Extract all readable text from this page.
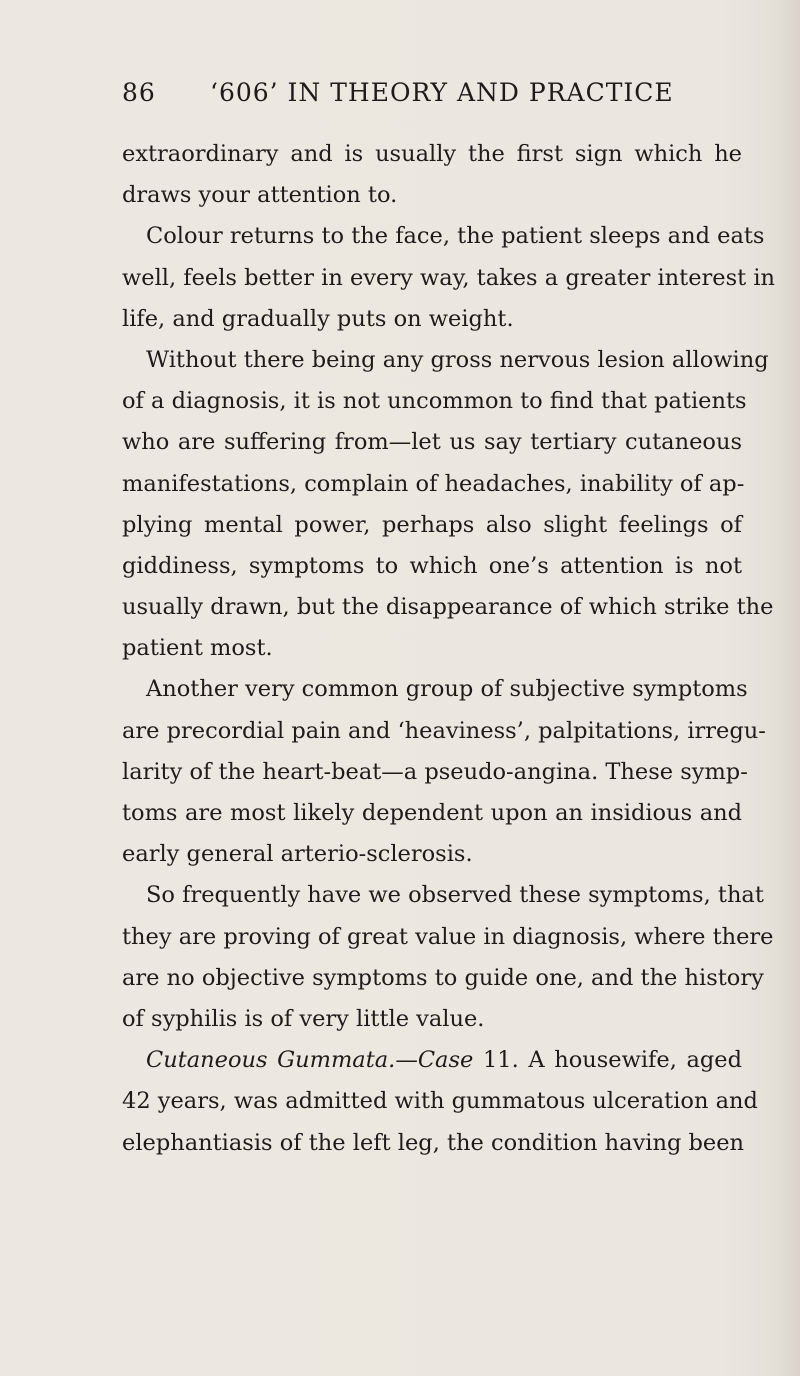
86 ‘606’ IN THEORY AND PRACTICE
extraordinary and is usually the first sign which he
draws your attention to.
Colour returns to the face, the patient sleeps and eats
well, feels better in every way, takes a greater interest in
life, and gradually puts on weight.
Without there being any gross nervous lesion allowing
of a diagnosis, it is not uncommon to find that patients
who are suffering from—let us say tertiary cutaneous
manifestations, complain of headaches, inability of ap-
plying mental power, perhaps also slight feelings of
giddiness, symptoms to which one’s attention is not
usually drawn, but the disappearance of which strike the
patient most.
Another very common group of subjective symptoms
are precordial pain and ‘heaviness’, palpitations, irregu-
larity of the heart-beat—a pseudo-angina. These symp-
toms are most likely dependent upon an insidious and
early general arterio-sclerosis.
So frequently have we observed these symptoms, that
they are proving of great value in diagnosis, where there
are no objective symptoms to guide one, and the history
of syphilis is of very little value.
Cutaneous Gummata.—Case 11. A housewife, aged
42 years, was admitted with gummatous ulceration and
elephantiasis of the left leg, the condition having been
